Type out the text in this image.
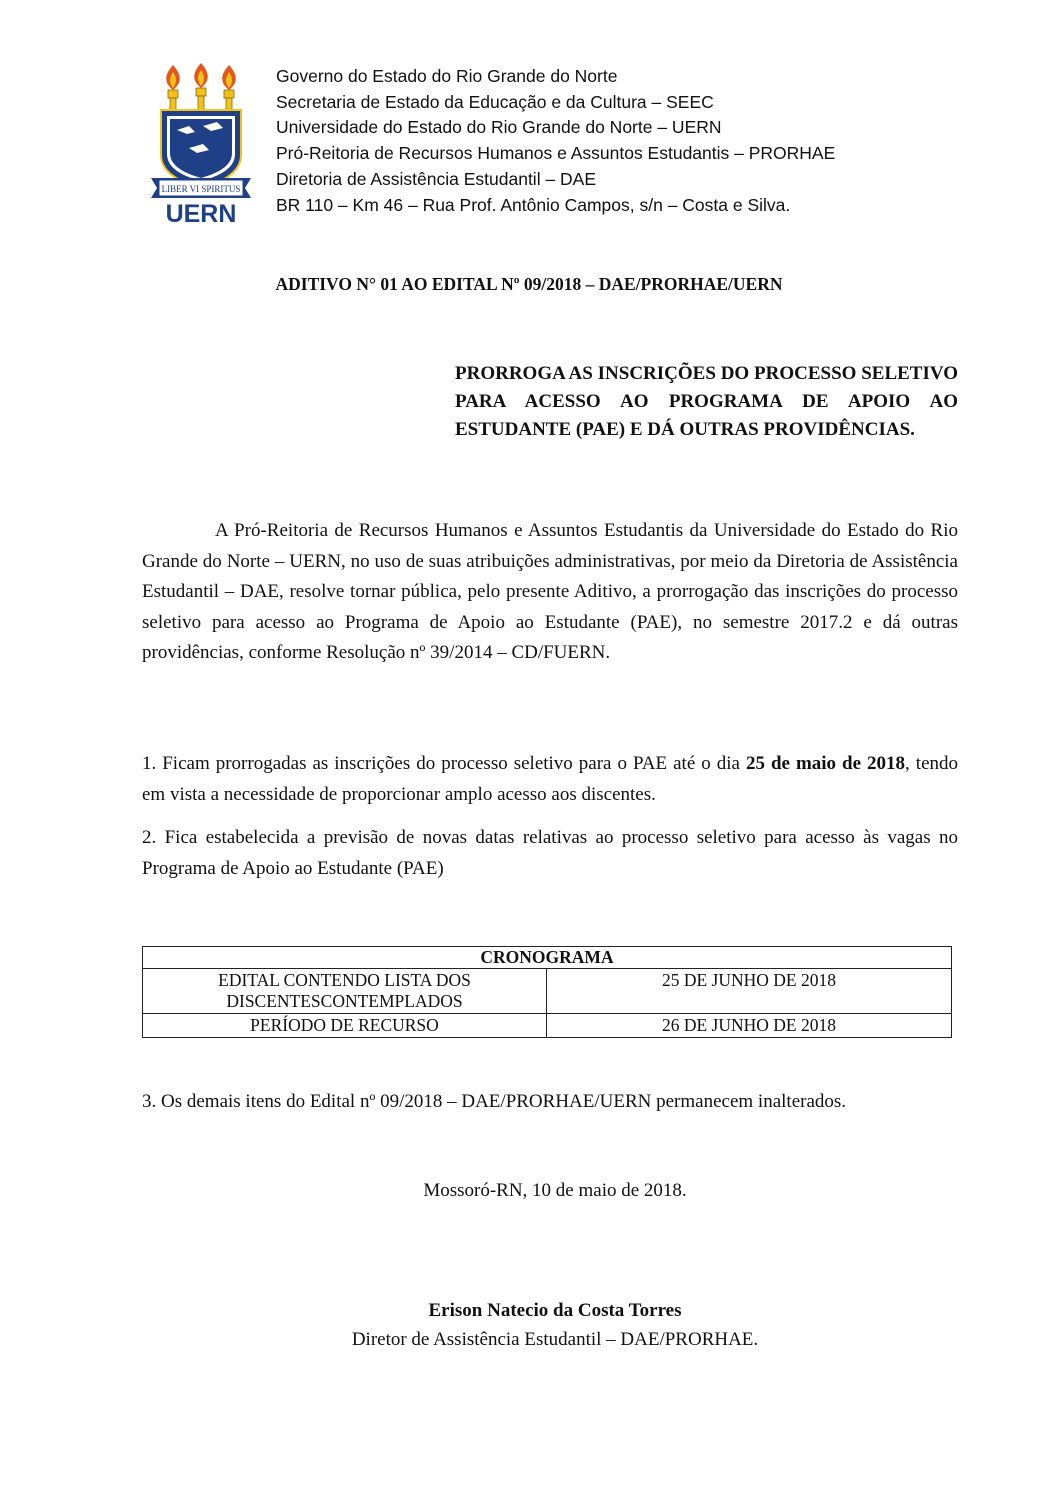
LIBER VI SPIRITUS
UERN
Governo do Estado do Rio Grande do Norte
Secretaria de Estado da Educação e da Cultura – SEEC
Universidade do Estado do Rio Grande do Norte – UERN
Pró-Reitoria de Recursos Humanos e Assuntos Estudantis – PRORHAE
Diretoria de Assistência Estudantil – DAE
BR 110 – Km 46 – Rua Prof. Antônio Campos, s/n – Costa e Silva.
ADITIVO N° 01 AO EDITAL Nº 09/2018 – DAE/PRORHAE/UERN
PRORROGA AS INSCRIÇÕES DO PROCESSO SELETIVO PARA ACESSO AO PROGRAMA DE APOIO AO ESTUDANTE (PAE) E DÁ OUTRAS PROVIDÊNCIAS.
A Pró-Reitoria de Recursos Humanos e Assuntos Estudantis da Universidade do Estado do Rio Grande do Norte – UERN, no uso de suas atribuições administrativas, por meio da Diretoria de Assistência Estudantil – DAE, resolve tornar pública, pelo presente Aditivo, a prorrogação das inscrições do processo seletivo para acesso ao Programa de Apoio ao Estudante (PAE), no semestre 2017.2 e dá outras providências, conforme Resolução nº 39/2014 – CD/FUERN.
1. Ficam prorrogadas as inscrições do processo seletivo para o PAE até o dia 25 de maio de 2018, tendo em vista a necessidade de proporcionar amplo acesso aos discentes.
2. Fica estabelecida a previsão de novas datas relativas ao processo seletivo para acesso às vagas no Programa de Apoio ao Estudante (PAE)
CRONOGRAMA	
EDITAL CONTENDO LISTA DOS DISCENTESCONTEMPLADOS	25 DE JUNHO DE 2018
PERÍODO DE RECURSO	26 DE JUNHO DE 2018
3. Os demais itens do Edital nº 09/2018 – DAE/PRORHAE/UERN permanecem inalterados.
Mossoró-RN, 10 de maio de 2018.
Erison Natecio da Costa Torres
Diretor de Assistência Estudantil – DAE/PRORHAE.
